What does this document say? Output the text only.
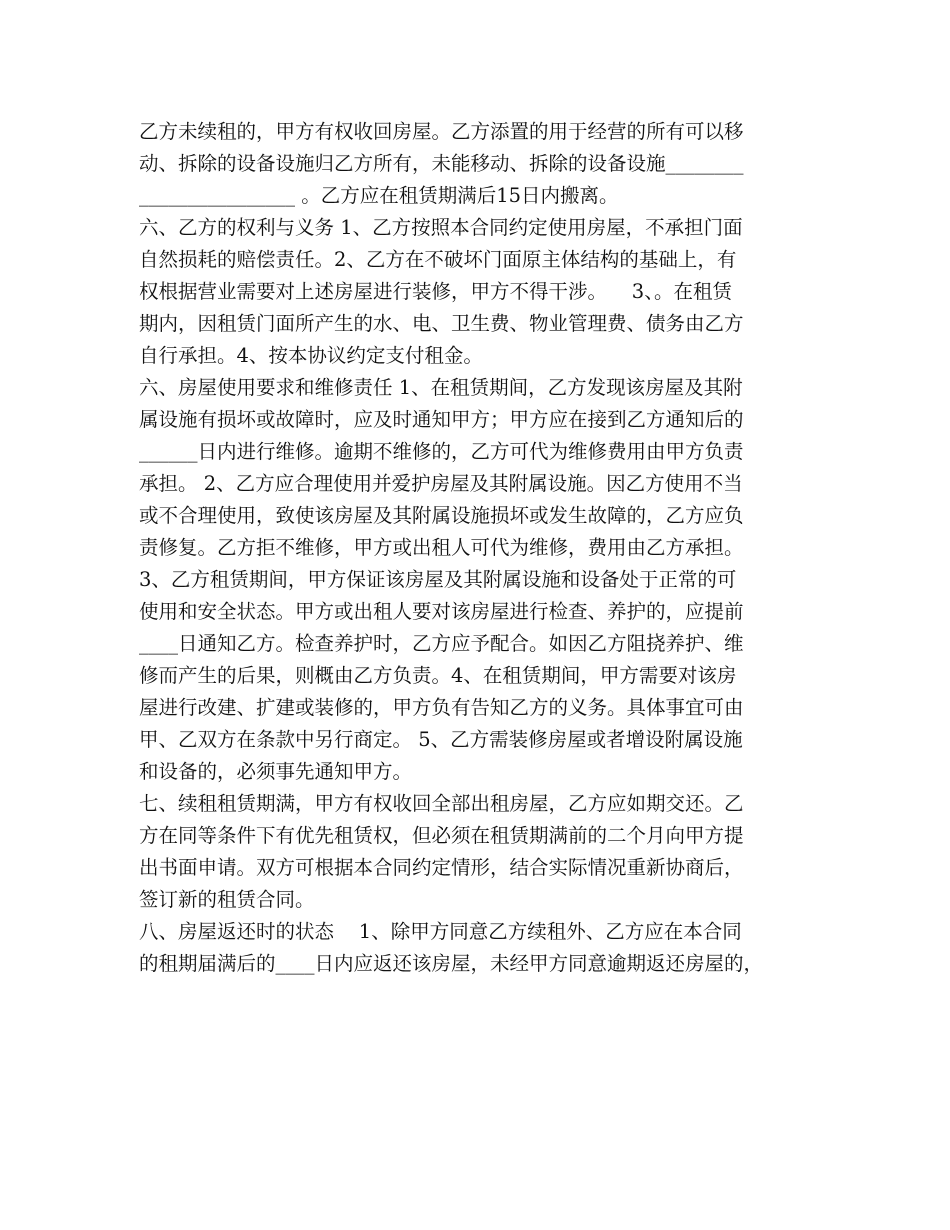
乙方未续租的，甲方有权收回房屋。乙方添置的用于经营的所有可以移
动、拆除的设备设施归乙方所有，未能移动、拆除的设备设施________
________________ 。乙方应在租赁期满后15日内搬离。
六、乙方的权利与义务 1、乙方按照本合同约定使用房屋，不承担门面
自然损耗的赔偿责任。2、乙方在不破坏门面原主体结构的基础上，有
权根据营业需要对上述房屋进行装修，甲方不得干涉。    3、。在租赁
期内，因租赁门面所产生的水、电、卫生费、物业管理费、债务由乙方
自行承担。4、按本协议约定支付租金。
六、房屋使用要求和维修责任 1、在租赁期间，乙方发现该房屋及其附
属设施有损坏或故障时，应及时通知甲方；甲方应在接到乙方通知后的
______日内进行维修。逾期不维修的，乙方可代为维修费用由甲方负责
承担。 2、乙方应合理使用并爱护房屋及其附属设施。因乙方使用不当
或不合理使用，致使该房屋及其附属设施损坏或发生故障的，乙方应负
责修复。乙方拒不维修，甲方或出租人可代为维修，费用由乙方承担。
3、乙方租赁期间，甲方保证该房屋及其附属设施和设备处于正常的可
使用和安全状态。甲方或出租人要对该房屋进行检查、养护的，应提前
____日通知乙方。检查养护时，乙方应予配合。如因乙方阻挠养护、维
修而产生的后果，则概由乙方负责。4、在租赁期间，甲方需要对该房
屋进行改建、扩建或装修的，甲方负有告知乙方的义务。具体事宜可由
甲、乙双方在条款中另行商定。 5、乙方需装修房屋或者增设附属设施
和设备的，必须事先通知甲方。
七、续租租赁期满，甲方有权收回全部出租房屋，乙方应如期交还。乙
方在同等条件下有优先租赁权，但必须在租赁期满前的二个月向甲方提
出书面申请。双方可根据本合同约定情形，结合实际情况重新协商后，
签订新的租赁合同。
八、房屋返还时的状态    1、除甲方同意乙方续租外、乙方应在本合同
的租期届满后的____日内应返还该房屋，未经甲方同意逾期返还房屋的，
